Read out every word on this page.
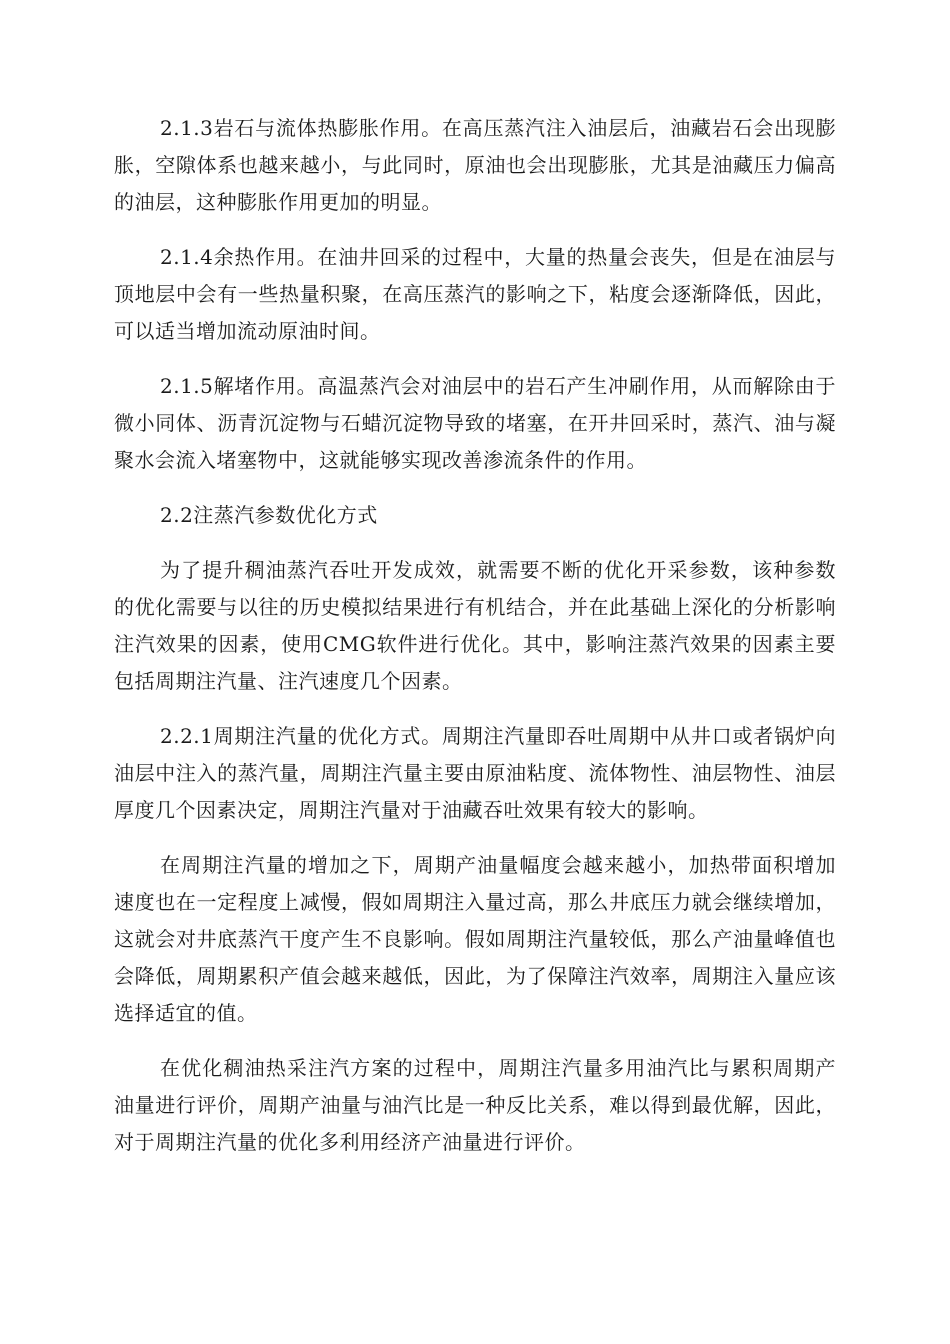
2.1.3岩石与流体热膨胀作用。在高压蒸汽注入油层后，油藏岩石会出现膨胀，空隙体系也越来越小，与此同时，原油也会出现膨胀，尤其是油藏压力偏高的油层，这种膨胀作用更加的明显。

2.1.4余热作用。在油井回采的过程中，大量的热量会丧失，但是在油层与顶地层中会有一些热量积聚，在高压蒸汽的影响之下，粘度会逐渐降低，因此，可以适当增加流动原油时间。

2.1.5解堵作用。高温蒸汽会对油层中的岩石产生冲刷作用，从而解除由于微小同体、沥青沉淀物与石蜡沉淀物导致的堵塞，在开井回采时，蒸汽、油与凝聚水会流入堵塞物中，这就能够实现改善渗流条件的作用。

2.2注蒸汽参数优化方式

为了提升稠油蒸汽吞吐开发成效，就需要不断的优化开采参数，该种参数的优化需要与以往的历史模拟结果进行有机结合，并在此基础上深化的分析影响注汽效果的因素，使用CMG软件进行优化。其中，影响注蒸汽效果的因素主要包括周期注汽量、注汽速度几个因素。

2.2.1周期注汽量的优化方式。周期注汽量即吞吐周期中从井口或者锅炉向油层中注入的蒸汽量，周期注汽量主要由原油粘度、流体物性、油层物性、油层厚度几个因素决定，周期注汽量对于油藏吞吐效果有较大的影响。

在周期注汽量的增加之下，周期产油量幅度会越来越小，加热带面积增加速度也在一定程度上减慢，假如周期注入量过高，那么井底压力就会继续增加，这就会对井底蒸汽干度产生不良影响。假如周期注汽量较低，那么产油量峰值也会降低，周期累积产值会越来越低，因此，为了保障注汽效率，周期注入量应该选择适宜的值。

在优化稠油热采注汽方案的过程中，周期注汽量多用油汽比与累积周期产油量进行评价，周期产油量与油汽比是一种反比关系，难以得到最优解，因此，对于周期注汽量的优化多利用经济产油量进行评价。
